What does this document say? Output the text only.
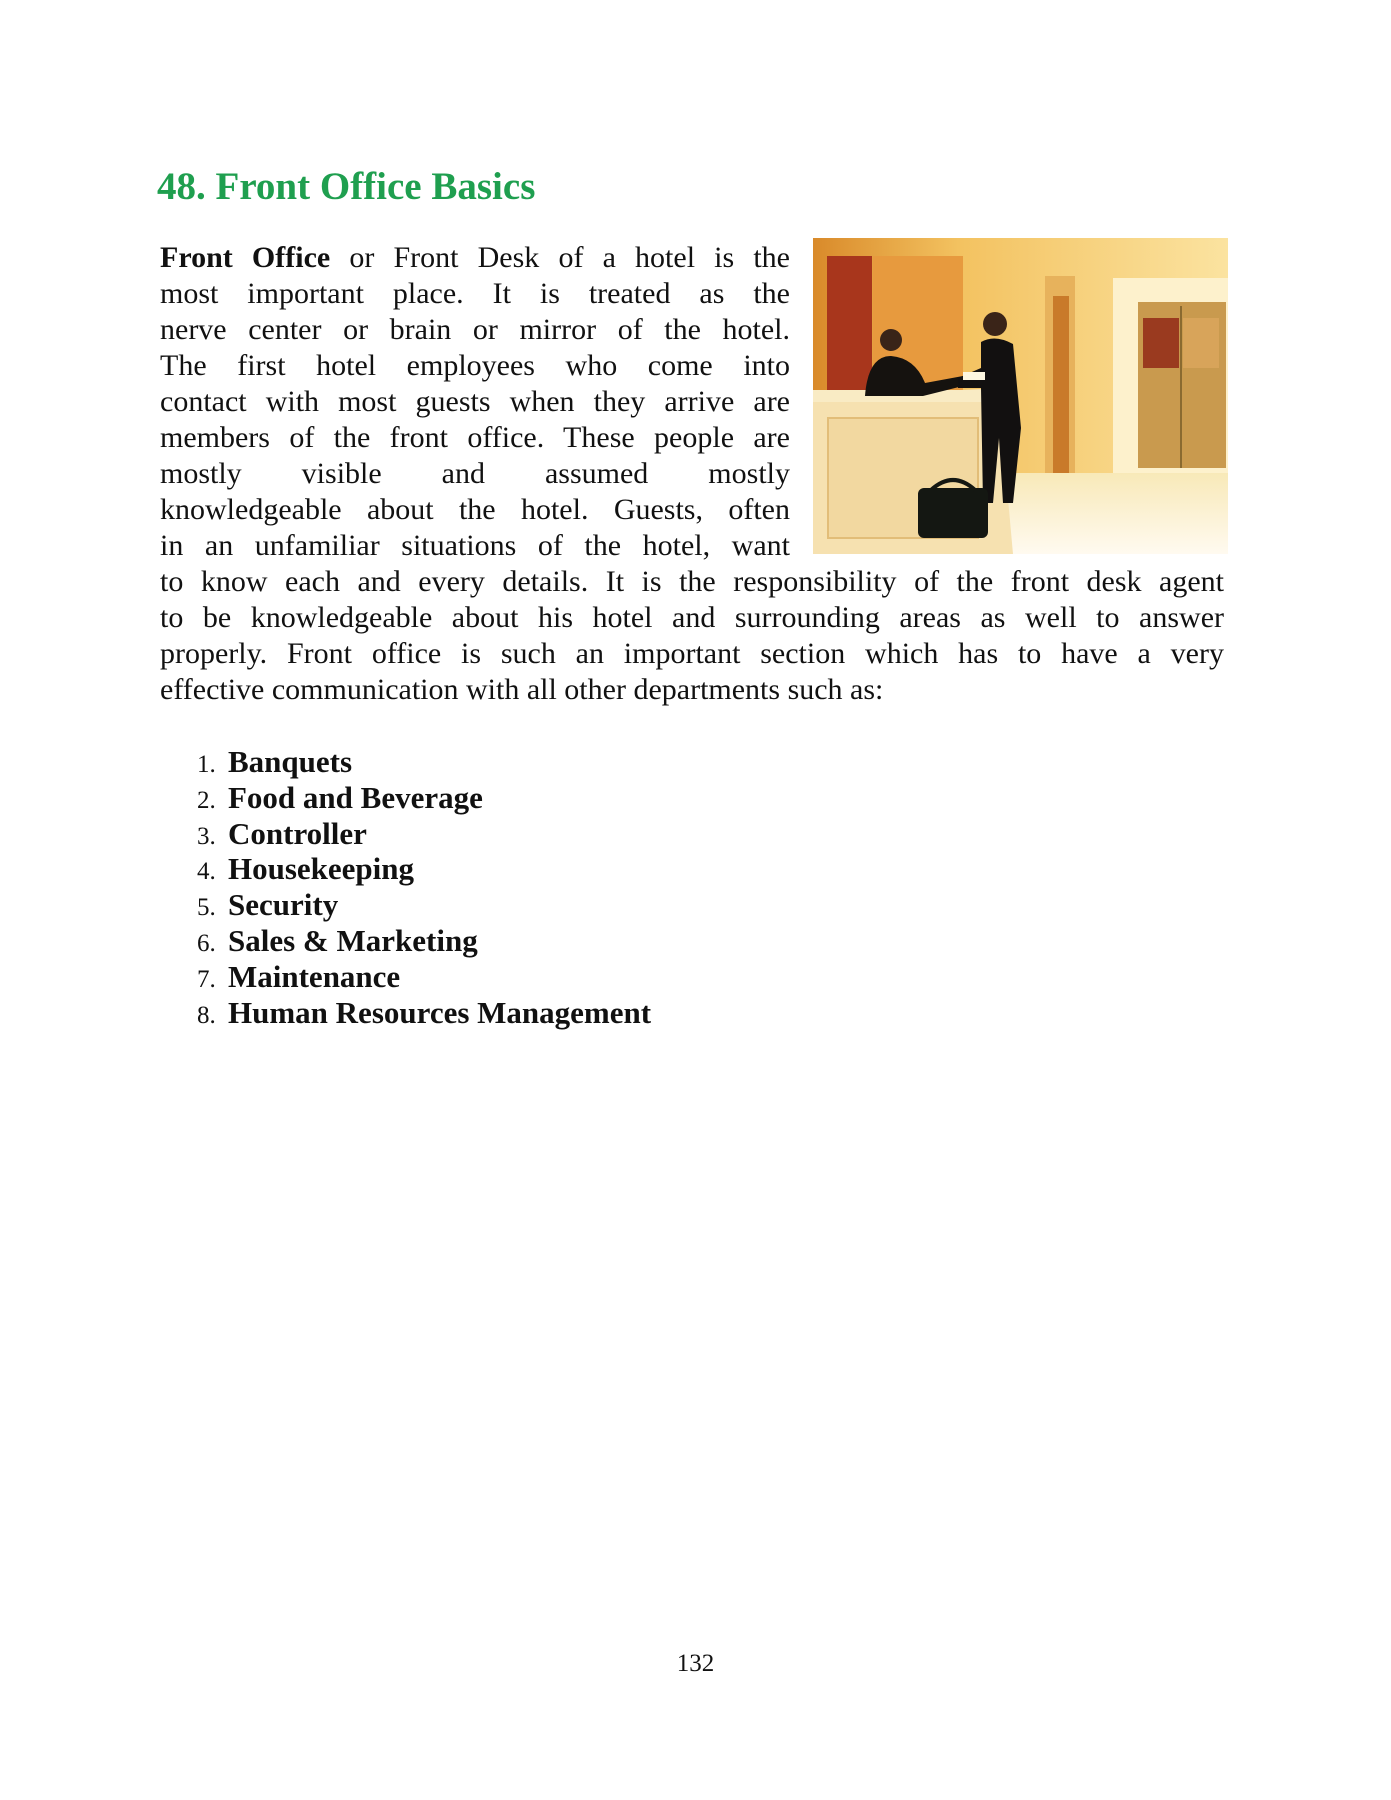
48. Front Office Basics
Front Office or Front Desk of a hotel is the
most important place. It is treated as the
nerve center or brain or mirror of the hotel.
The first hotel employees who come into
contact with most guests when they arrive are
members of the front office. These people are
mostly visible and assumed mostly
knowledgeable about the hotel. Guests, often
in an unfamiliar situations of the hotel, want
to know each and every details. It is the responsibility of the front desk agent
to be knowledgeable about his hotel and surrounding areas as well to answer
properly. Front office is such an important section which has to have a very
effective communication with all other departments such as:
1. Banquets
2. Food and Beverage
3. Controller
4. Housekeeping
5. Security
6. Sales & Marketing
7. Maintenance
8. Human Resources Management
132
